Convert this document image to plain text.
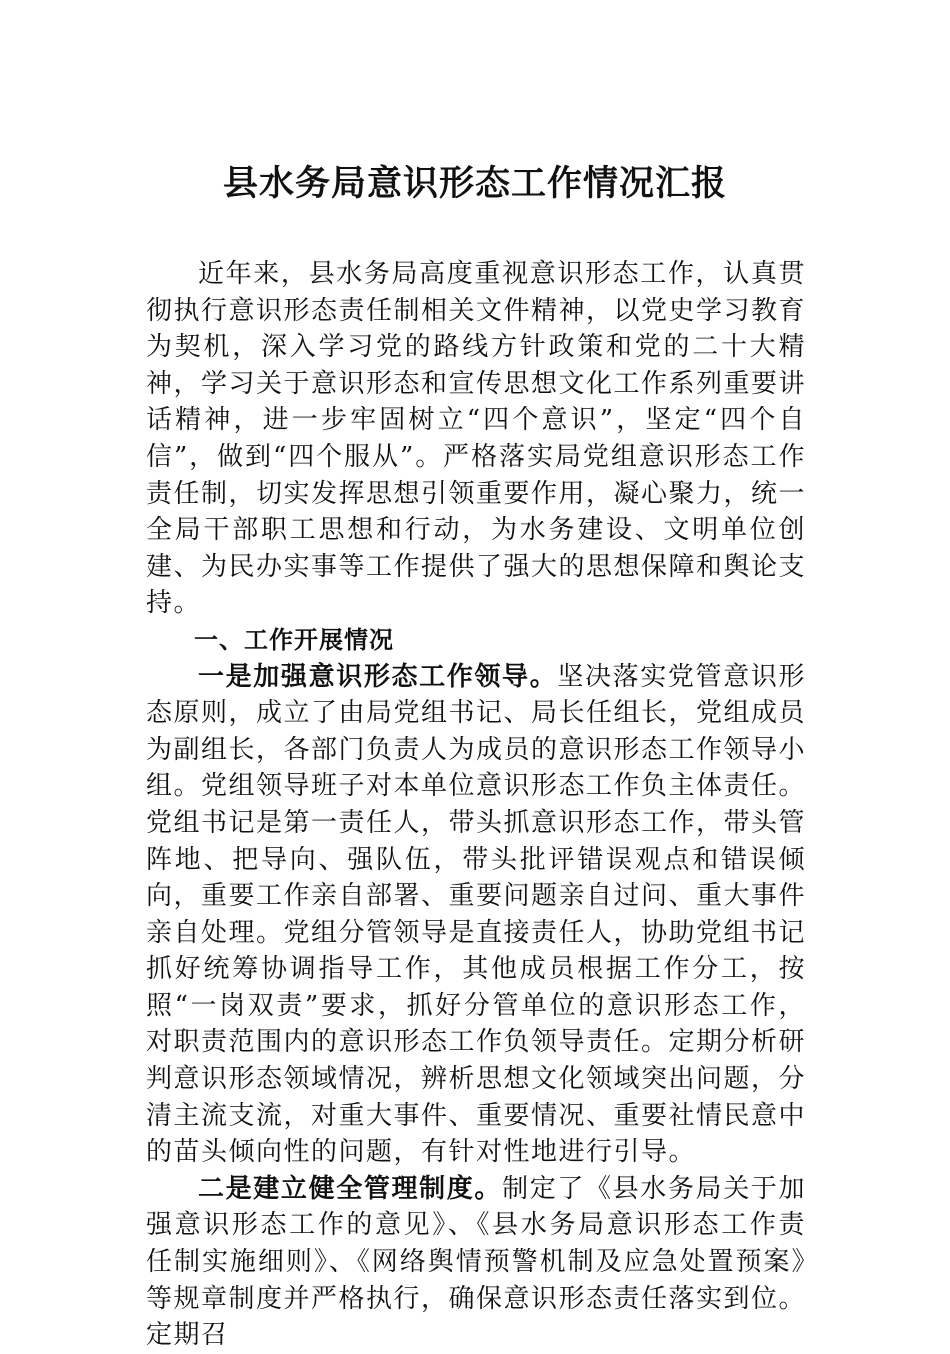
县水务局意识形态工作情况汇报

近年来，县水务局高度重视意识形态工作，认真贯彻执行意识形态责任制相关文件精神，以党史学习教育为契机，深入学习党的路线方针政策和党的二十大精神，学习关于意识形态和宣传思想文化工作系列重要讲话精神，进一步牢固树立“四个意识”，坚定“四个自信”，做到“四个服从”。严格落实局党组意识形态工作责任制，切实发挥思想引领重要作用，凝心聚力，统一全局干部职工思想和行动，为水务建设、文明单位创建、为民办实事等工作提供了强大的思想保障和舆论支持。

一、工作开展情况

一是加强意识形态工作领导。坚决落实党管意识形态原则，成立了由局党组书记、局长任组长，党组成员为副组长，各部门负责人为成员的意识形态工作领导小组。党组领导班子对本单位意识形态工作负主体责任。党组书记是第一责任人，带头抓意识形态工作，带头管阵地、把导向、强队伍，带头批评错误观点和错误倾向，重要工作亲自部署、重要问题亲自过问、重大事件亲自处理。党组分管领导是直接责任人，协助党组书记抓好统筹协调指导工作，其他成员根据工作分工，按照“一岗双责”要求，抓好分管单位的意识形态工作，对职责范围内的意识形态工作负领导责任。定期分析研判意识形态领域情况，辨析思想文化领域突出问题，分清主流支流，对重大事件、重要情况、重要社情民意中的苗头倾向性的问题，有针对性地进行引导。

二是建立健全管理制度。制定了《县水务局关于加强意识形态工作的意见》、《县水务局意识形态工作责任制实施细则》、《网络舆情预警机制及应急处置预案》等规章制度并严格执行，确保意识形态责任落实到位。定期召
